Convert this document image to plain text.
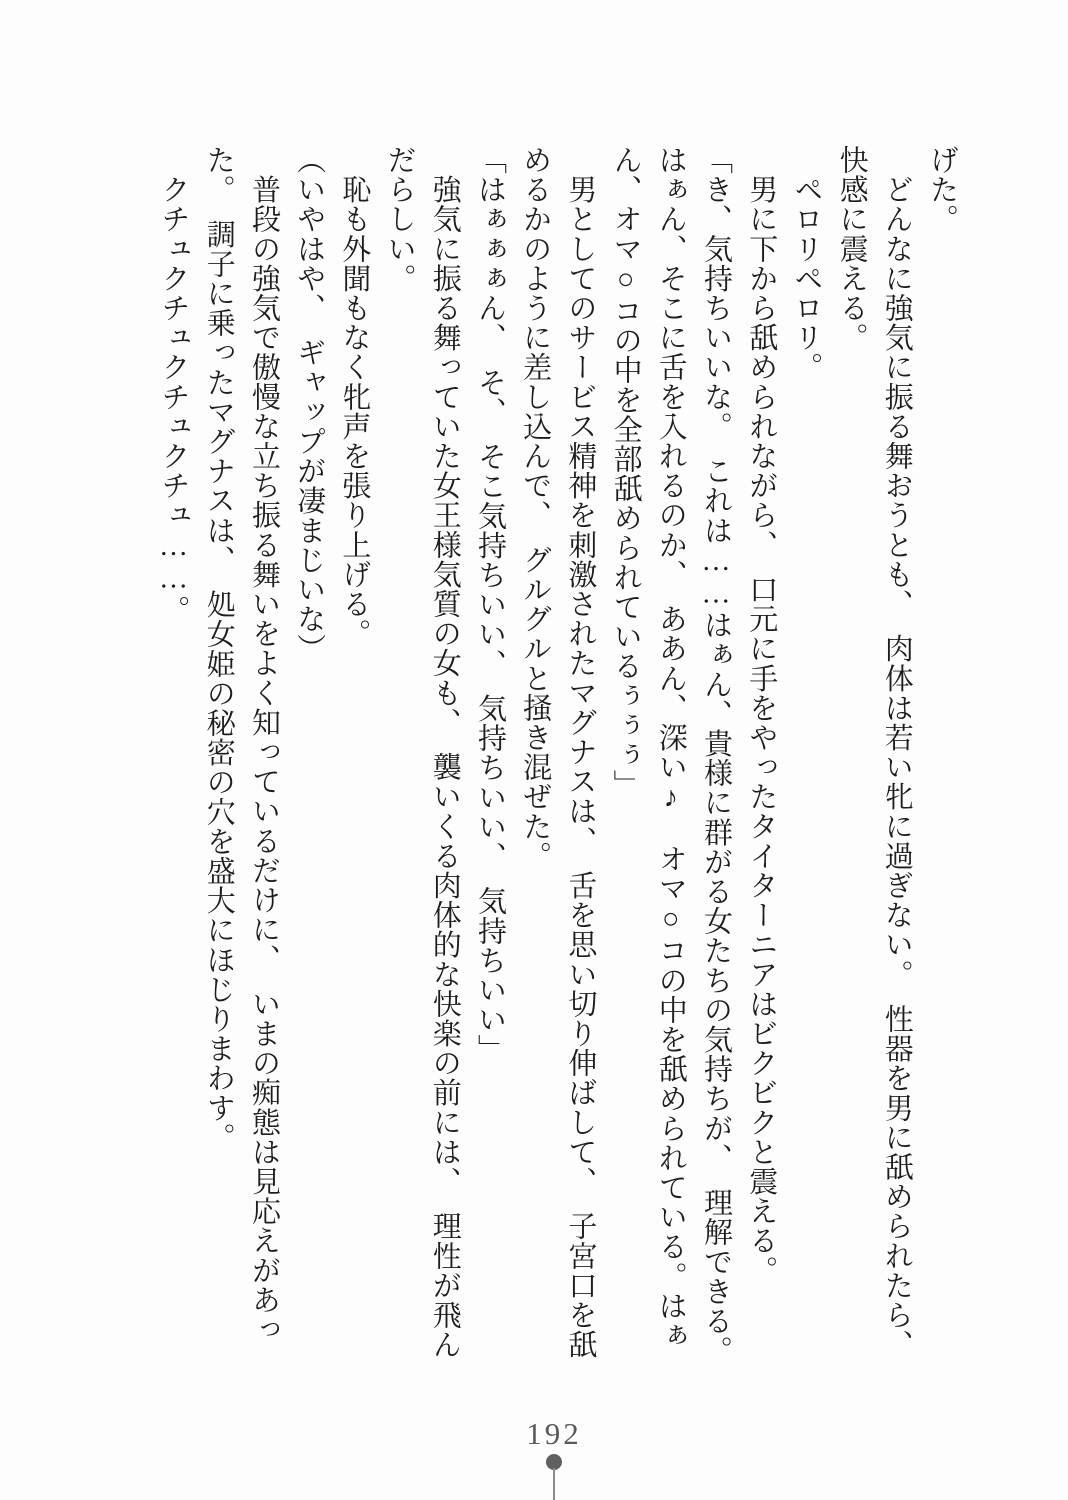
げた。

　どんなに強気に振る舞おうとも、　肉体は若い牝に過ぎない。　性器を男に舐められたら、
快感に震える。

　ペロリペロリ。

　男に下から舐められながら、　口元に手をやったタイターニアはビクビクと震える。

「き、気持ちいいな。　これは……はぁん、貴様に群がる女たちの気持ちが、　理解できる。
はぁん、そこに舌を入れるのか、　ああん、深い♪　オマ○コの中を舐められている。はぁ
ん、オマ○コの中を全部舐められているぅぅぅ」

　男としてのサービス精神を刺激されたマグナスは、　舌を思い切り伸ばして、　子宮口を舐
めるかのように差し込んで、　グルグルと掻き混ぜた。

「はぁぁぁん、　そ、　そこ気持ちいい、　気持ちいい、　気持ちいい」

　強気に振る舞っていた女王様気質の女も、　襲いくる肉体的な快楽の前には、　理性が飛ん
だらしい。

　恥も外聞もなく牝声を張り上げる。

（いやはや、　ギャップが凄まじいな）

　普段の強気で傲慢な立ち振る舞いをよく知っているだけに、　いまの痴態は見応えがあっ
た。　調子に乗ったマグナスは、　処女姫の秘密の穴を盛大にほじりまわす。

　クチュクチュクチュクチュ……。

192
